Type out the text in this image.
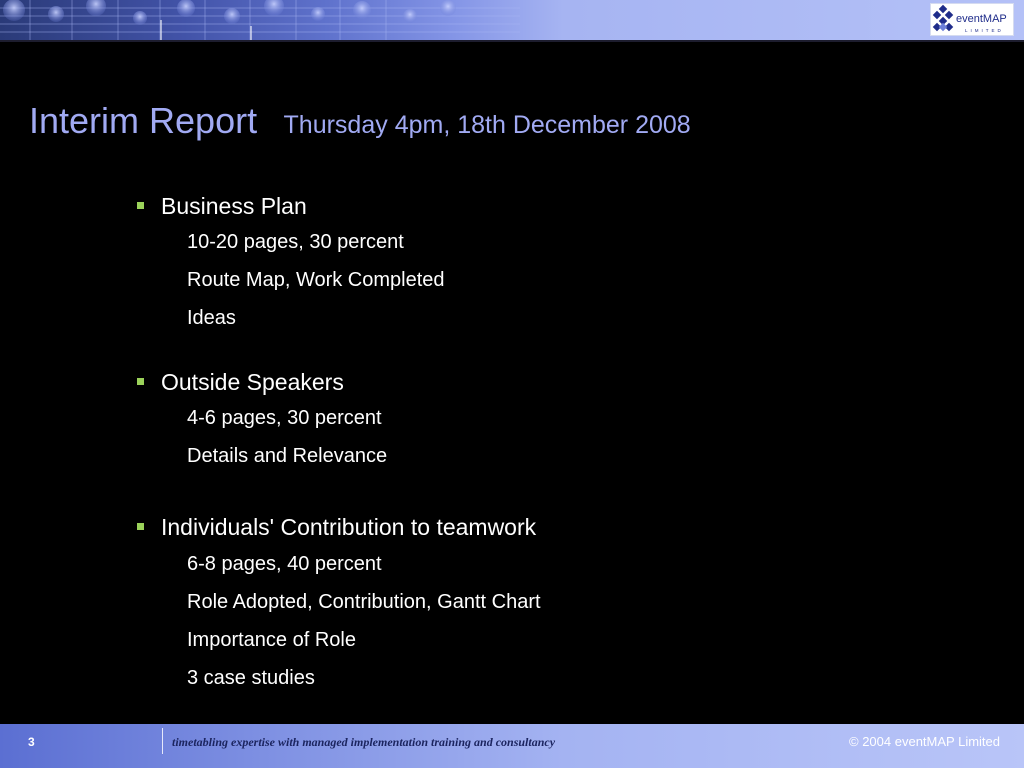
eventMAP
LIMITED
Interim Report Thursday 4pm, 18th December 2008
Business Plan
10-20 pages, 30 percent
Route Map, Work Completed
Ideas
Outside Speakers
4-6 pages, 30 percent
Details and Relevance
Individuals' Contribution to teamwork
6-8 pages, 40 percent
Role Adopted, Contribution, Gantt Chart
Importance of Role
3 case studies
3	timetabling expertise with managed implementation training and consultancy	© 2004 eventMAP Limited
